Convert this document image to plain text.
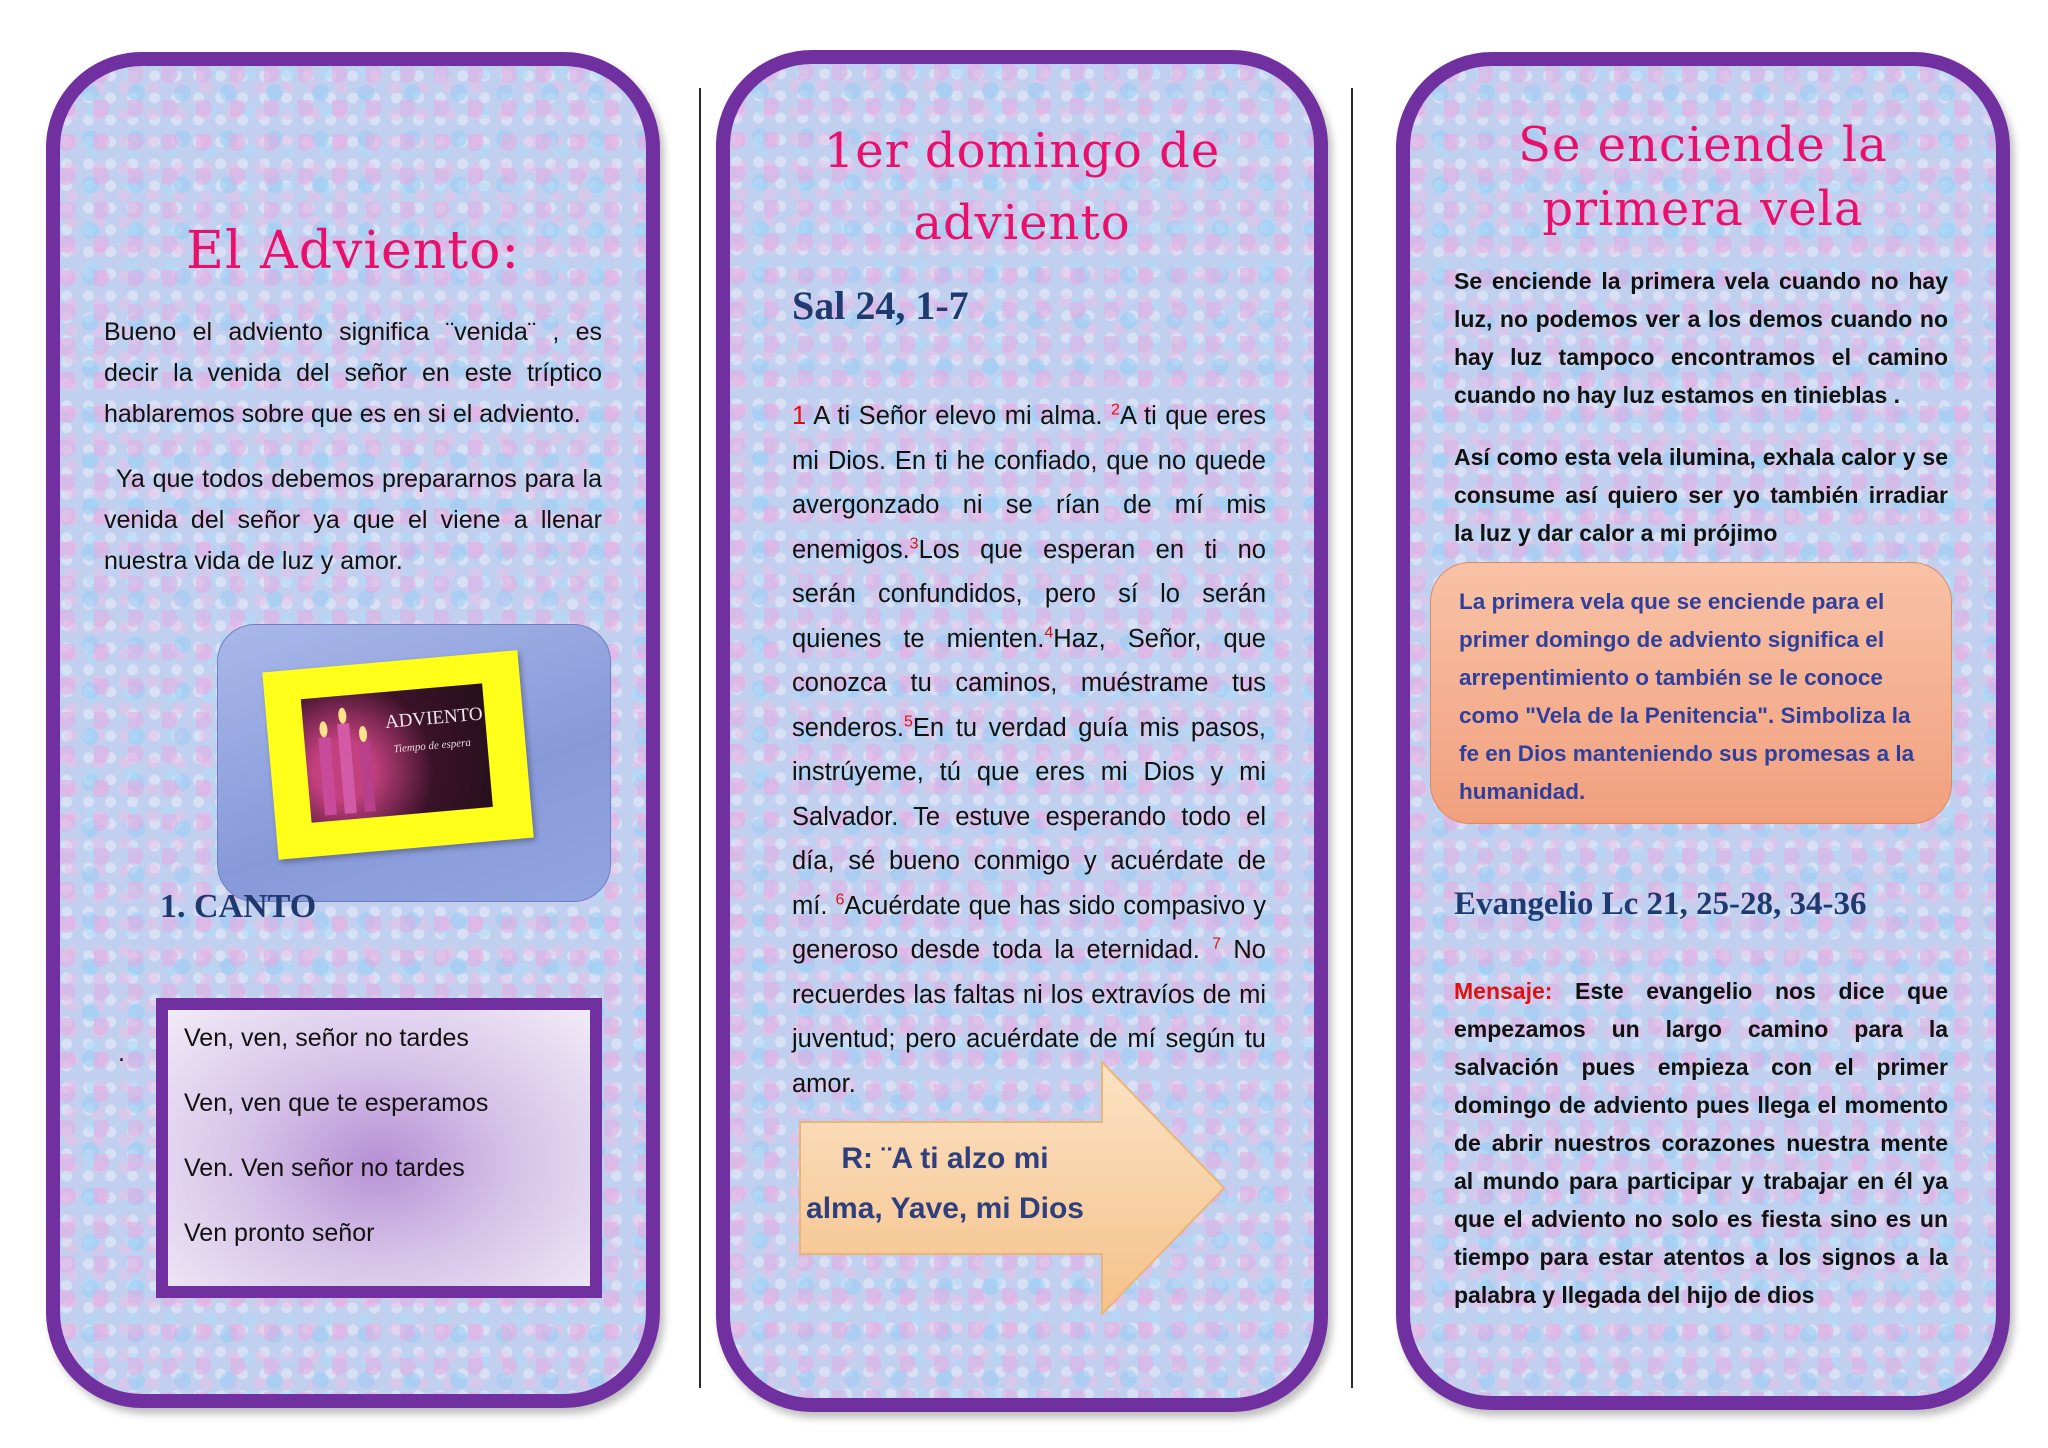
El Adviento:
Bueno el adviento significa ¨venida¨ , es decir la venida del señor en este tríptico hablaremos sobre que es en si el adviento.
Ya que todos debemos prepararnos para la venida del señor ya que el viene a llenar nuestra vida de luz y amor.
ADVIENTO
Tiempo de espera
1. CANTO
.
Ven, ven, señor no tardes
Ven, ven que te esperamos
Ven. Ven señor no tardes
Ven pronto señor
1er domingo de
adviento
Sal 24, 1-7

1 A ti Señor elevo mi alma. $^2$A ti que eres mi Dios. En ti he confiado, que no quede avergonzado ni se rían de mí mis enemigos.$^3$Los que esperan en ti no serán confundidos, pero sí lo serán quienes te mienten.$^4$Haz, Señor, que conozca tu caminos, muéstrame tus senderos.$^5$En tu verdad guía mis pasos, instrúyeme, tú que eres mi Dios y mi Salvador. Te estuve esperando todo el día, sé bueno conmigo y acuérdate de mí. $^6$Acuérdate que has sido compasivo y generoso desde toda la eternidad. $^7$ No recuerdes las faltas ni los extravíos de mi juventud; pero acuérdate de mí según tu amor.

R: ¨A ti alzo mi
alma, Yave, mi Dios
Se enciende la
primera vela

Se enciende la primera vela cuando no hay luz, no podemos ver a los demos cuando no hay luz tampoco encontramos el camino cuando no hay luz estamos en tinieblas .

Así como esta vela ilumina, exhala calor y se consume así quiero ser yo también irradiar la luz y dar calor a mi prójimo

La primera vela que se enciende para el primer domingo de adviento significa el arrepentimiento o también se le conoce como "Vela de la Penitencia". Simboliza la fe en Dios manteniendo sus promesas a la humanidad.
Evangelio Lc 21, 25-28, 34-36
Mensaje: Este evangelio nos dice que empezamos un largo camino para la salvación pues empieza con el primer domingo de adviento pues llega el momento de abrir nuestros corazones nuestra mente al mundo para participar y trabajar en él ya que el adviento no solo es fiesta sino es un tiempo para estar atentos a los signos a la palabra y llegada del hijo de dios
